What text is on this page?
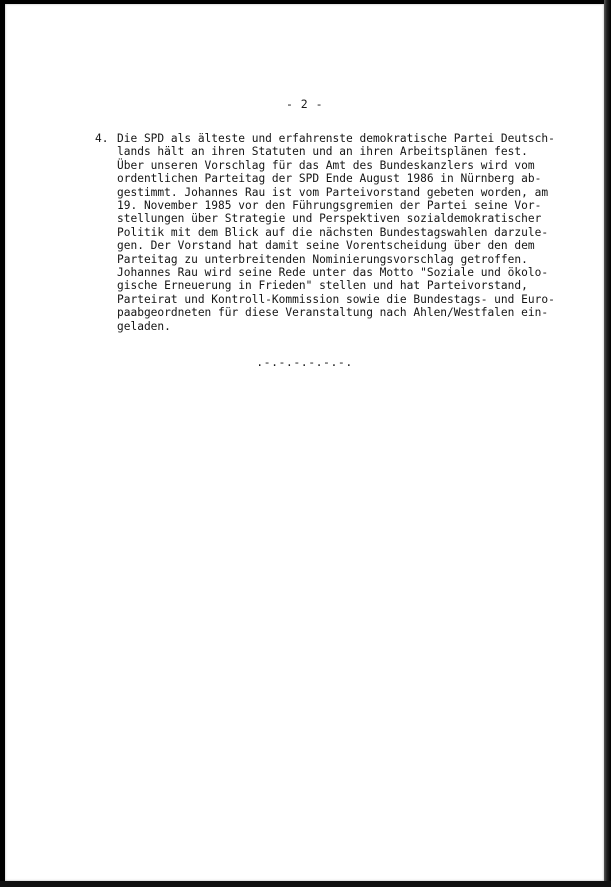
- 2 -
4. Die SPD als älteste und erfahrenste demokratische Partei Deutsch-
lands hält an ihren Statuten und an ihren Arbeitsplänen fest.
Über unseren Vorschlag für das Amt des Bundeskanzlers wird vom
ordentlichen Parteitag der SPD Ende August 1986 in Nürnberg ab-
gestimmt. Johannes Rau ist vom Parteivorstand gebeten worden, am
19. November 1985 vor den Führungsgremien der Partei seine Vor-
stellungen über Strategie und Perspektiven sozialdemokratischer
Politik mit dem Blick auf die nächsten Bundestagswahlen darzule-
gen. Der Vorstand hat damit seine Vorentscheidung über den dem
Parteitag zu unterbreitenden Nominierungsvorschlag getroffen.
Johannes Rau wird seine Rede unter das Motto "Soziale und ökolo-
gische Erneuerung in Frieden" stellen und hat Parteivorstand,
Parteirat und Kontroll-Kommission sowie die Bundestags- und Euro-
paabgeordneten für diese Veranstaltung nach Ahlen/Westfalen ein-
geladen.
.-.-.-.-.-.-.
